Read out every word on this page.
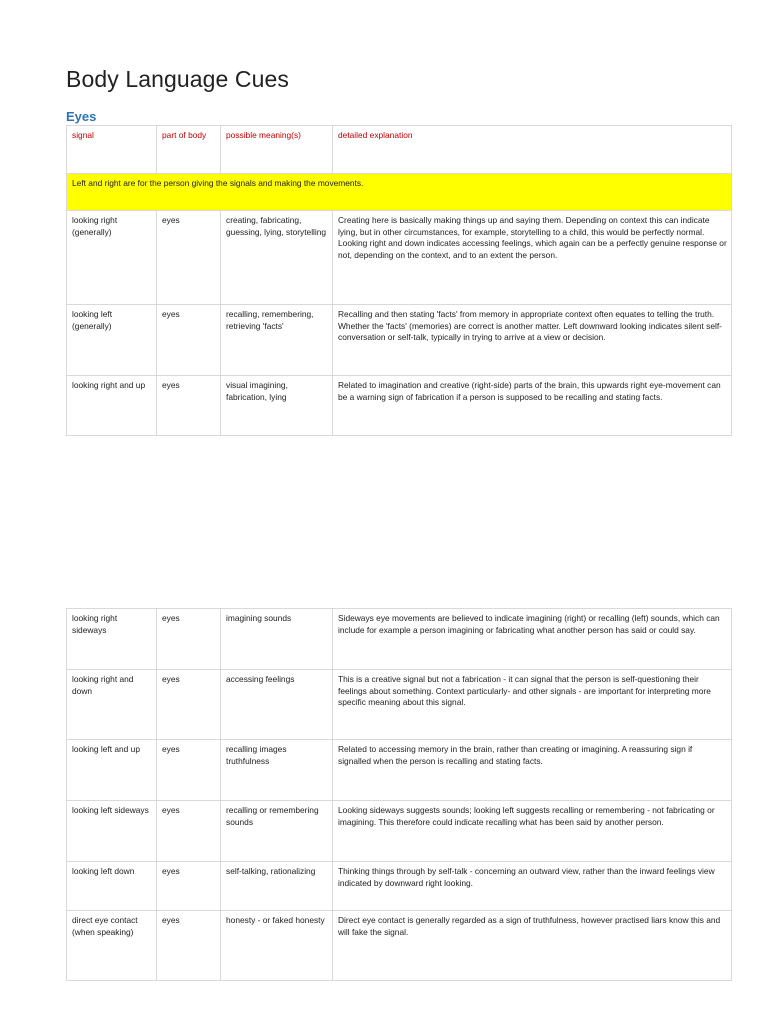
Body Language Cues
Eyes
signal	part of body	possible meaning(s)	detailed explanation
Left and right are for the person giving the signals and making the movements.			
looking right (generally)	eyes	creating, fabricating, guessing, lying, storytelling	Creating here is basically making things up and saying them. Depending on context this can indicate lying, but in other circumstances, for example, storytelling to a child, this would be perfectly normal. Looking right and down indicates accessing feelings, which again can be a perfectly genuine response or not, depending on the context, and to an extent the person.
looking left (generally)	eyes	recalling, remembering, retrieving 'facts'	Recalling and then stating 'facts' from memory in appropriate context often equates to telling the truth. Whether the 'facts' (memories) are correct is another matter. Left downward looking indicates silent self-conversation or self-talk, typically in trying to arrive at a view or decision.
looking right and up	eyes	visual imagining, fabrication, lying	Related to imagination and creative (right-side) parts of the brain, this upwards right eye-movement can be a warning sign of fabrication if a person is supposed to be recalling and stating facts.
looking right sideways	eyes	imagining sounds	Sideways eye movements are believed to indicate imagining (right) or recalling (left) sounds, which can include for example a person imagining or fabricating what another person has said or could say.
looking right and down	eyes	accessing feelings	This is a creative signal but not a fabrication - it can signal that the person is self-questioning their feelings about something. Context particularly- and other signals - are important for interpreting more specific meaning about this signal.
looking left and up	eyes	recalling images truthfulness	Related to accessing memory in the brain, rather than creating or imagining. A reassuring sign if signalled when the person is recalling and stating facts.
looking left sideways	eyes	recalling or remembering sounds	Looking sideways suggests sounds; looking left suggests recalling or remembering - not fabricating or imagining. This therefore could indicate recalling what has been said by another person.
looking left down	eyes	self-talking, rationalizing	Thinking things through by self-talk - concerning an outward view, rather than the inward feelings view indicated by downward right looking.
direct eye contact (when speaking)	eyes	honesty - or faked honesty	Direct eye contact is generally regarded as a sign of truthfulness, however practised liars know this and will fake the signal.
